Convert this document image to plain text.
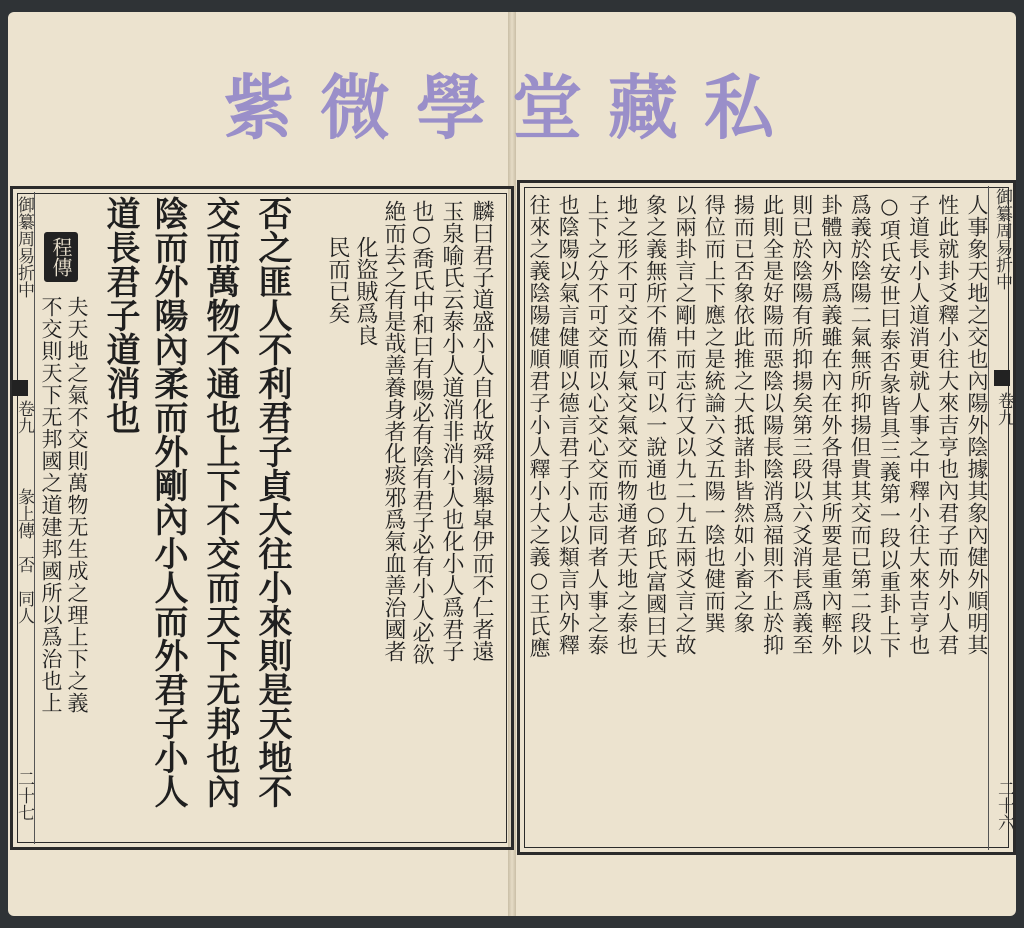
紫微學堂藏私
御纂周易折中
卷九
彖上傳　否　同人
二十七
程傳
不交則天下无邦國之道建邦國所以爲治也上 夫天地之氣不交則萬物无生成之理上下之義 道長君子道消也 陰而外陽內柔而外剛內小人而外君子小人 交而萬物不通也上下不交而天下无邦也內 否之匪人不利君子貞大往小來則是天地不 民而已矣 化盜賊爲良 絶而去之有是哉善養身者化痰邪爲氣血善治國者 也○喬氏中和曰有陽必有陰有君子必有小人必欲 玉泉喻氏云泰小人道消非消小人也化小人爲君子 麟曰君子道盛小人自化故舜湯舉皐伊而不仁者遠	御纂周易折中
卷九
二十六
往來之義陰陽健順君子小人釋小大之義○王氏應 也陰陽以氣言健順以德言君子小人以類言內外釋 上下之分不可交而以心交心交而志同者人事之泰 地之形不可交而以氣交氣交而物通者天地之泰也 象之義無所不備不可以一說通也○邱氏富國曰天 以兩卦言之剛中而志行又以九二九五兩爻言之故 得位而上下應之是統論六爻五陽一陰也健而巽 揚而已否象依此推之大抵諸卦皆然如小畜之象 此則全是好陽而惡陰以陽長陰消爲福則不止於抑 則已於陰陽有所抑揚矣第三段以六爻消長爲義至 卦體內外爲義雖在內在外各得其所要是重內輕外 爲義於陰陽二氣無所抑揚但貴其交而已第二段以 ○項氏安世曰泰否彖皆具三義第一段以重卦上下 子道長小人道消更就人事之中釋小往大來吉亨也 性此就卦爻釋小往大來吉亨也內君子而外小人君 人事象天地之交也內陽外陰據其象內健外順明其
